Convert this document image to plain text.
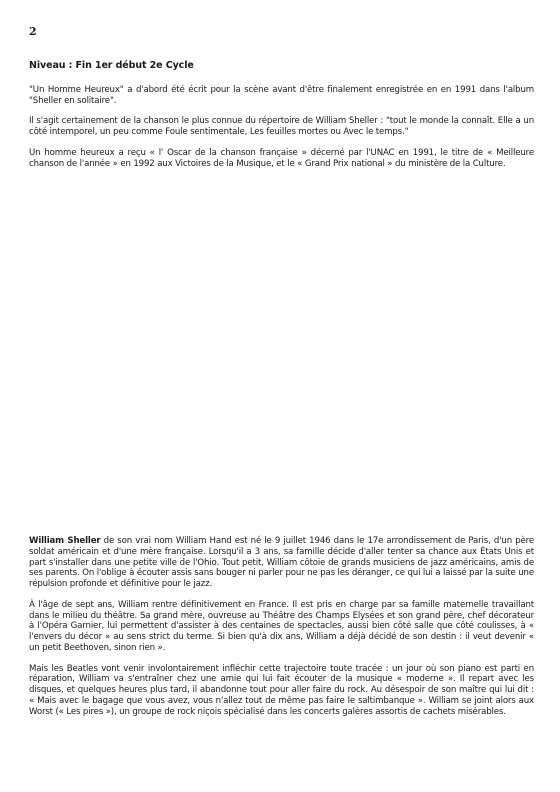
2
Niveau : Fin 1er début 2e Cycle

"Un Homme Heureux" a d'abord été écrit pour la scène avant d'être finalement enregistrée en en 1991 dans l'album "Sheller en solitaire".

Il s'agit certainement de la chanson le plus connue du répertoire de William Sheller : "tout le monde la connaît. Elle a un côté intemporel, un peu comme Foule sentimentale, Les feuilles mortes ou Avec le temps."

Un homme heureux a reçu « l' Oscar de la chanson française » décerné par l'UNAC en 1991, le titre de « Meilleure chanson de l'année » en 1992 aux Victoires de la Musique, et le « Grand Prix national » du ministère de la Culture.

William Sheller de son vrai nom William Hand est né le 9 juillet 1946 dans le 17e arrondissement de Paris, d'un père soldat américain et d'une mère française. Lorsqu'il a 3 ans, sa famille décide d'aller tenter sa chance aux États Unis et part s'installer dans une petite ville de l'Ohio. Tout petit, William côtoie de grands musiciens de jazz américains, amis de ses parents. On l'oblige à écouter assis sans bouger ni parler pour ne pas les déranger, ce qui lui a laissé par la suite une répulsion profonde et définitive pour le jazz.

À l'âge de sept ans, William rentre définitivement en France. Il est pris en charge par sa famille maternelle travaillant dans le milieu du théâtre. Sa grand mère, ouvreuse au Théâtre des Champs Elysées et son grand père, chef décorateur à l'Opéra Garnier, lui permettent d'assister à des centaines de spectacles, aussi bien côté salle que côté coulisses, à « l'envers du décor » au sens strict du terme. Si bien qu'à dix ans, William a déjà décidé de son destin : il veut devenir « un petit Beethoven, sinon rien ».

Mais les Beatles vont venir involontairement infléchir cette trajectoire toute tracée : un jour où son piano est parti en réparation, William va s'entraîner chez une amie qui lui fait écouter de la musique « moderne ». Il repart avec les disques, et quelques heures plus tard, il abandonne tout pour aller faire du rock. Au désespoir de son maître qui lui dit : « Mais avec le bagage que vous avez, vous n'allez tout de même pas faire le saltimbanque ». William se joint alors aux Worst (« Les pires »), un groupe de rock niçois spécialisé dans les concerts galères assortis de cachets misérables.
